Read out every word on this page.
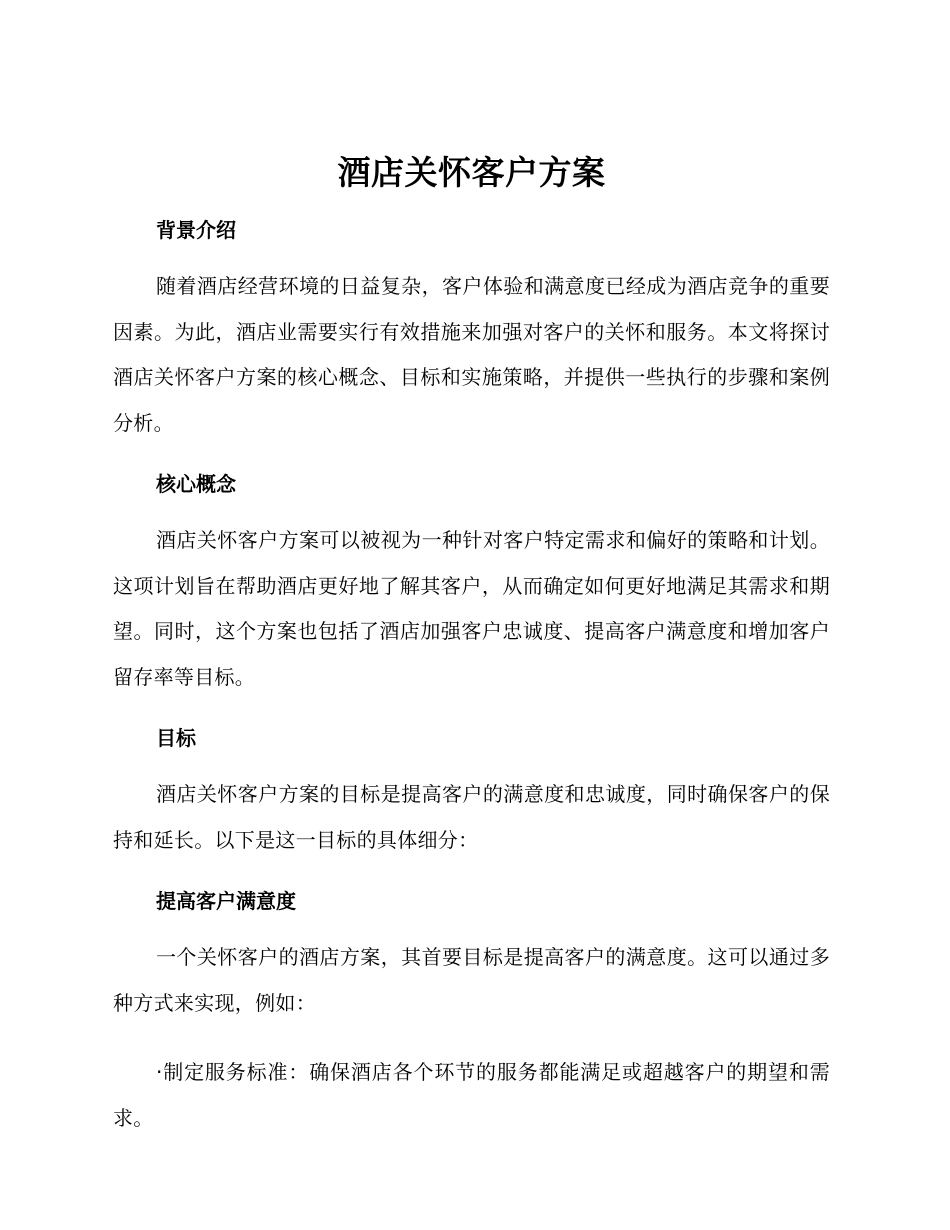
酒店关怀客户方案
背景介绍

随着酒店经营环境的日益复杂，客户体验和满意度已经成为酒店竞争的重要因素。为此，酒店业需要实行有效措施来加强对客户的关怀和服务。本文将探讨酒店关怀客户方案的核心概念、目标和实施策略，并提供一些执行的步骤和案例分析。

核心概念

酒店关怀客户方案可以被视为一种针对客户特定需求和偏好的策略和计划。这项计划旨在帮助酒店更好地了解其客户，从而确定如何更好地满足其需求和期望。同时，这个方案也包括了酒店加强客户忠诚度、提高客户满意度和增加客户留存率等目标。

目标

酒店关怀客户方案的目标是提高客户的满意度和忠诚度，同时确保客户的保持和延长。以下是这一目标的具体细分：

提高客户满意度

一个关怀客户的酒店方案，其首要目标是提高客户的满意度。这可以通过多种方式来实现，例如：

·制定服务标准：确保酒店各个环节的服务都能满足或超越客户的期望和需求。
